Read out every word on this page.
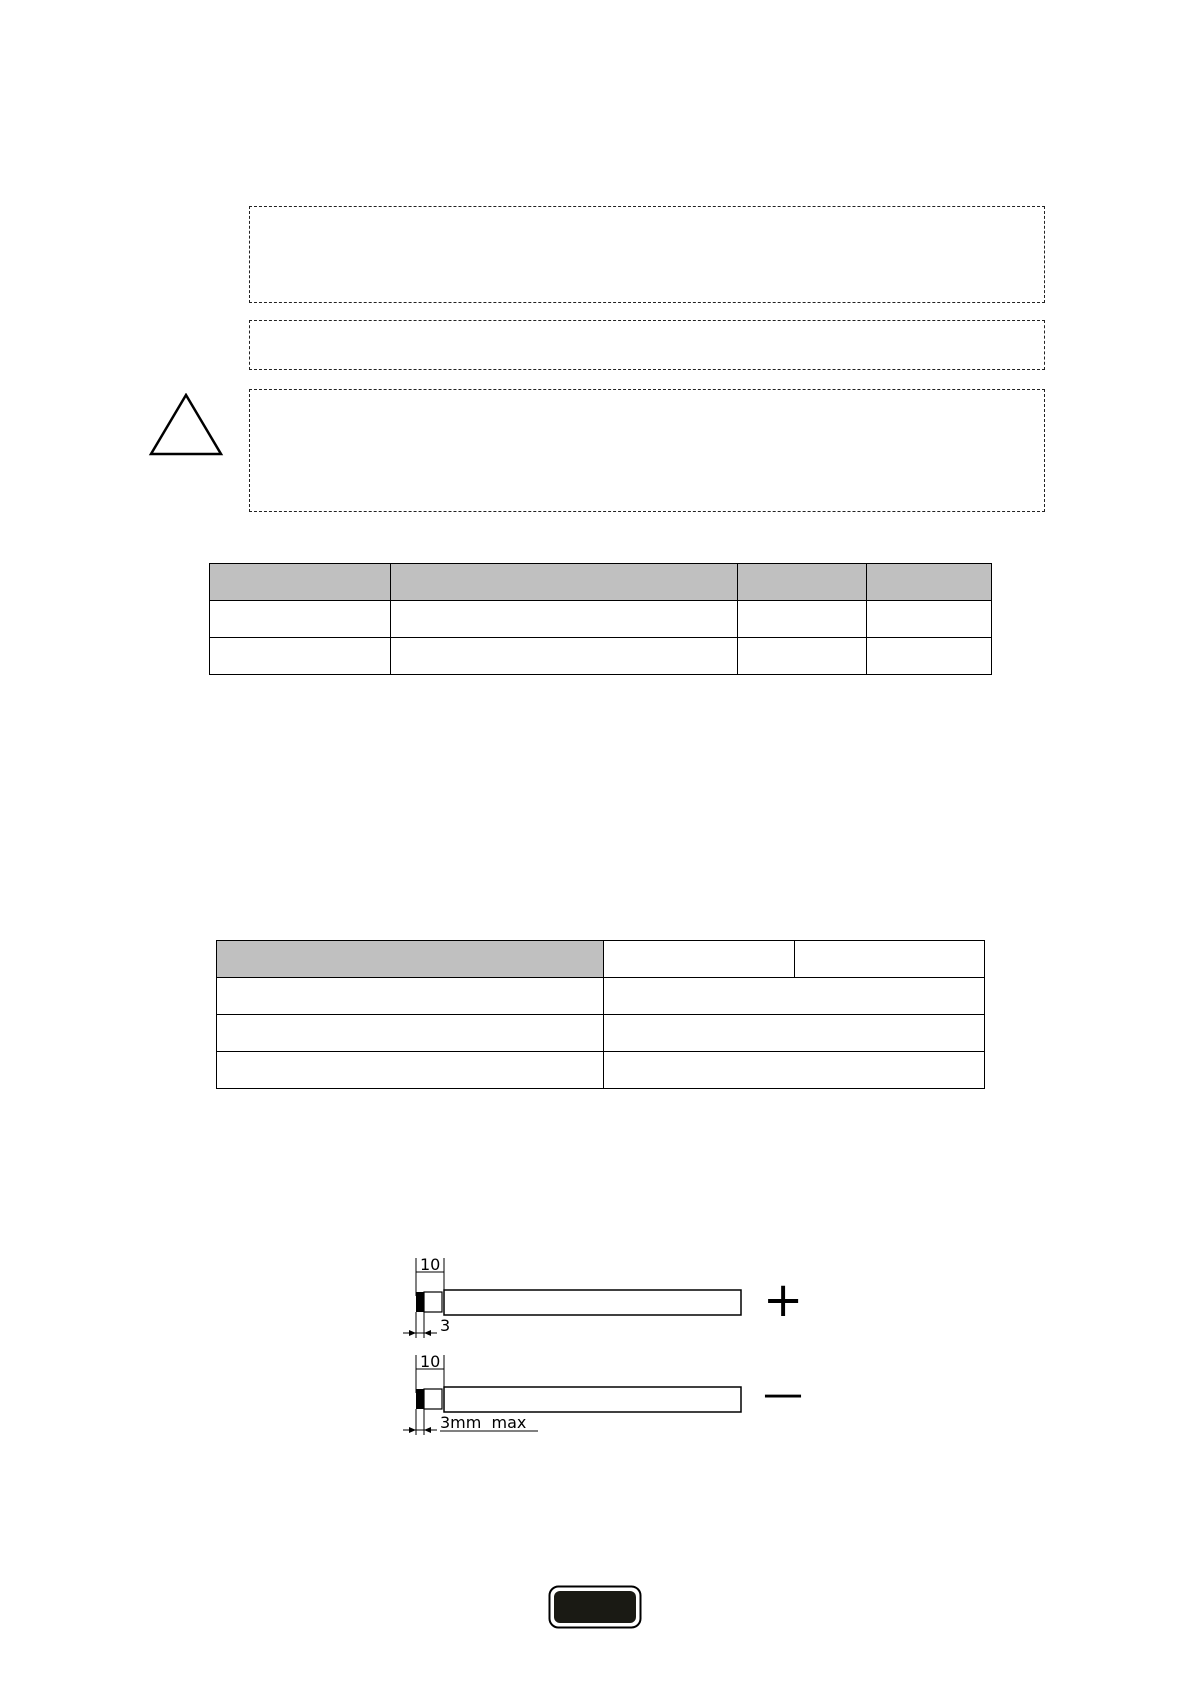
10
3	+
10
3mm  max
—
